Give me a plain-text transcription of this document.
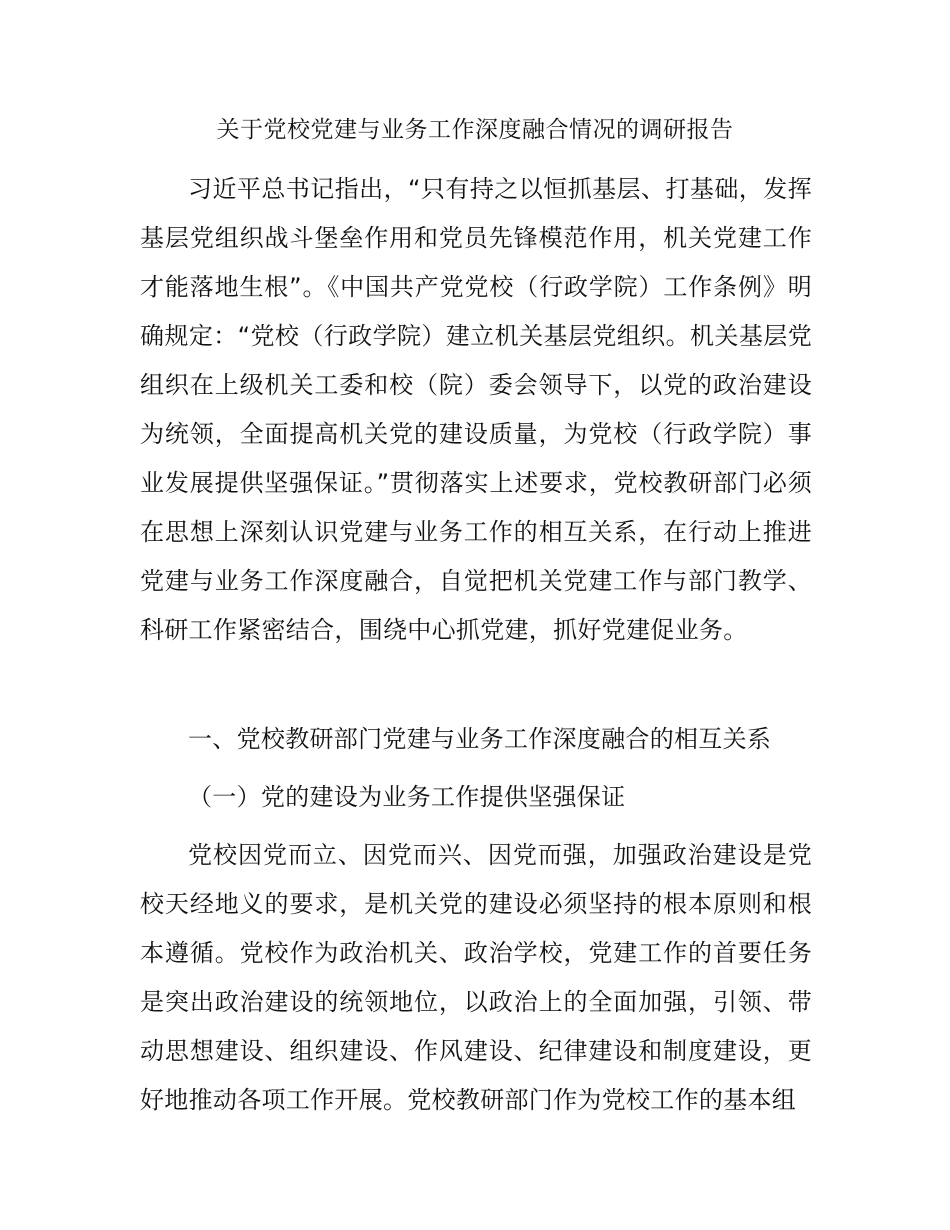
关于党校党建与业务工作深度融合情况的调研报告

习近平总书记指出，“只有持之以恒抓基层、打基础，发挥基层党组织战斗堡垒作用和党员先锋模范作用，机关党建工作才能落地生根”。《中国共产党党校（行政学院）工作条例》明确规定：“党校（行政学院）建立机关基层党组织。机关基层党组织在上级机关工委和校（院）委会领导下，以党的政治建设为统领，全面提高机关党的建设质量，为党校（行政学院）事业发展提供坚强保证。”贯彻落实上述要求，党校教研部门必须在思想上深刻认识党建与业务工作的相互关系，在行动上推进党建与业务工作深度融合，自觉把机关党建工作与部门教学、科研工作紧密结合，围绕中心抓党建，抓好党建促业务。

一、党校教研部门党建与业务工作深度融合的相互关系

（一）党的建设为业务工作提供坚强保证

党校因党而立、因党而兴、因党而强，加强政治建设是党校天经地义的要求，是机关党的建设必须坚持的根本原则和根本遵循。党校作为政治机关、政治学校，党建工作的首要任务是突出政治建设的统领地位，以政治上的全面加强，引领、带动思想建设、组织建设、作风建设、纪律建设和制度建设，更好地推动各项工作开展。党校教研部门作为党校工作的基本组
